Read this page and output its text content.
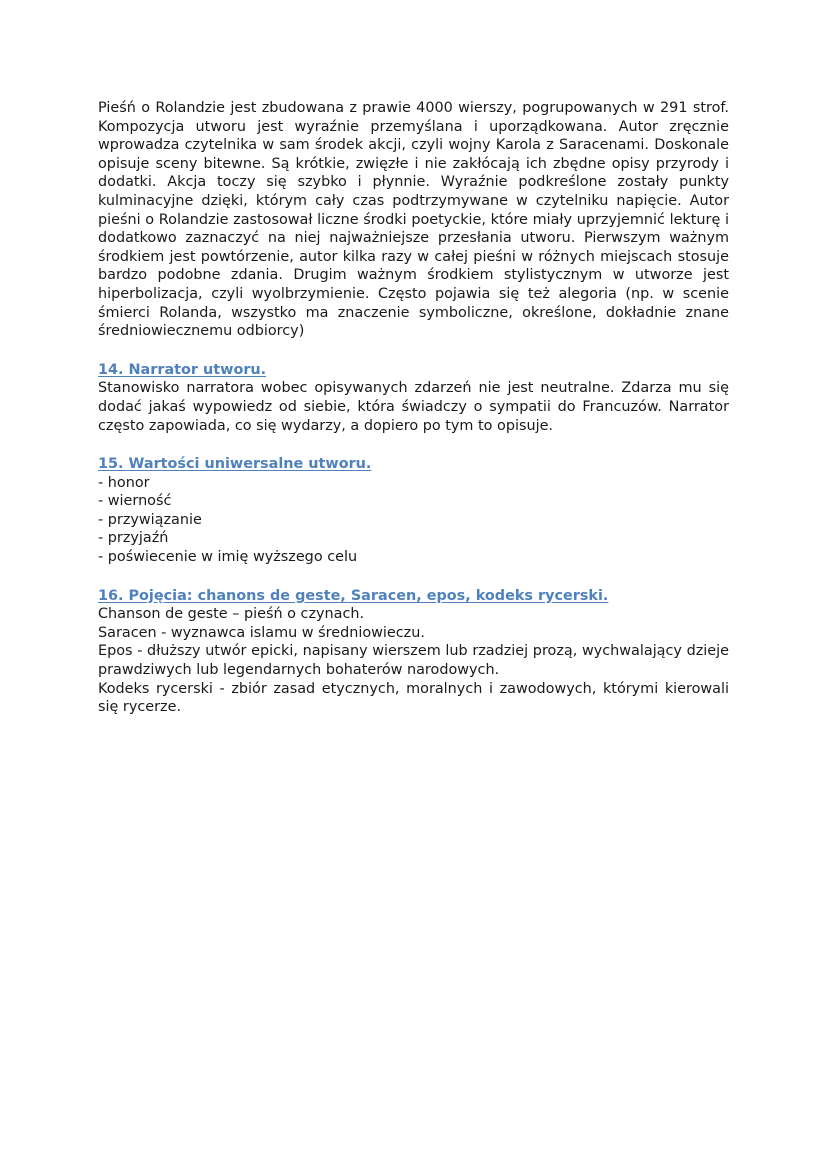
Pieśń o Rolandzie jest zbudowana z prawie 4000 wierszy, pogrupowanych w 291 strof. Kompozycja utworu jest wyraźnie przemyślana i uporządkowana. Autor zręcznie wprowadza czytelnika w sam środek akcji, czyli wojny Karola z Saracenami. Doskonale opisuje sceny bitewne. Są krótkie, zwięzłe i nie zakłócają ich zbędne opisy przyrody i dodatki. Akcja toczy się szybko i płynnie. Wyraźnie podkreślone zostały punkty kulminacyjne dzięki, którym cały czas podtrzymywane w czytelniku napięcie. Autor pieśni o Rolandzie zastosował liczne środki poetyckie, które miały uprzyjemnić lekturę i dodatkowo zaznaczyć na niej najważniejsze przesłania utworu. Pierwszym ważnym środkiem jest powtórzenie, autor kilka razy w całej pieśni w różnych miejscach stosuje bardzo podobne zdania. Drugim ważnym środkiem stylistycznym w utworze jest hiperbolizacja, czyli wyolbrzymienie. Często pojawia się też alegoria (np. w scenie śmierci Rolanda, wszystko ma znaczenie symboliczne, określone, dokładnie znane średniowiecznemu odbiorcy)

14. Narrator utworu.

Stanowisko narratora wobec opisywanych zdarzeń nie jest neutralne. Zdarza mu się dodać jakaś wypowiedz od siebie, która świadczy o sympatii do Francuzów. Narrator często zapowiada, co się wydarzy, a dopiero po tym to opisuje.

15. Wartości uniwersalne utworu.

- honor
- wierność
- przywiązanie
- przyjaźń
- poświecenie w imię wyższego celu

16. Pojęcia: chanons de geste, Saracen, epos, kodeks rycerski.

Chanson de geste – pieśń o czynach.

Saracen - wyznawca islamu w średniowieczu.

Epos - dłuższy utwór epicki, napisany wierszem lub rzadziej prozą, wychwalający dzieje prawdziwych lub legendarnych bohaterów narodowych.

Kodeks rycerski - zbiór zasad etycznych, moralnych i zawodowych, którymi kierowali się rycerze.
